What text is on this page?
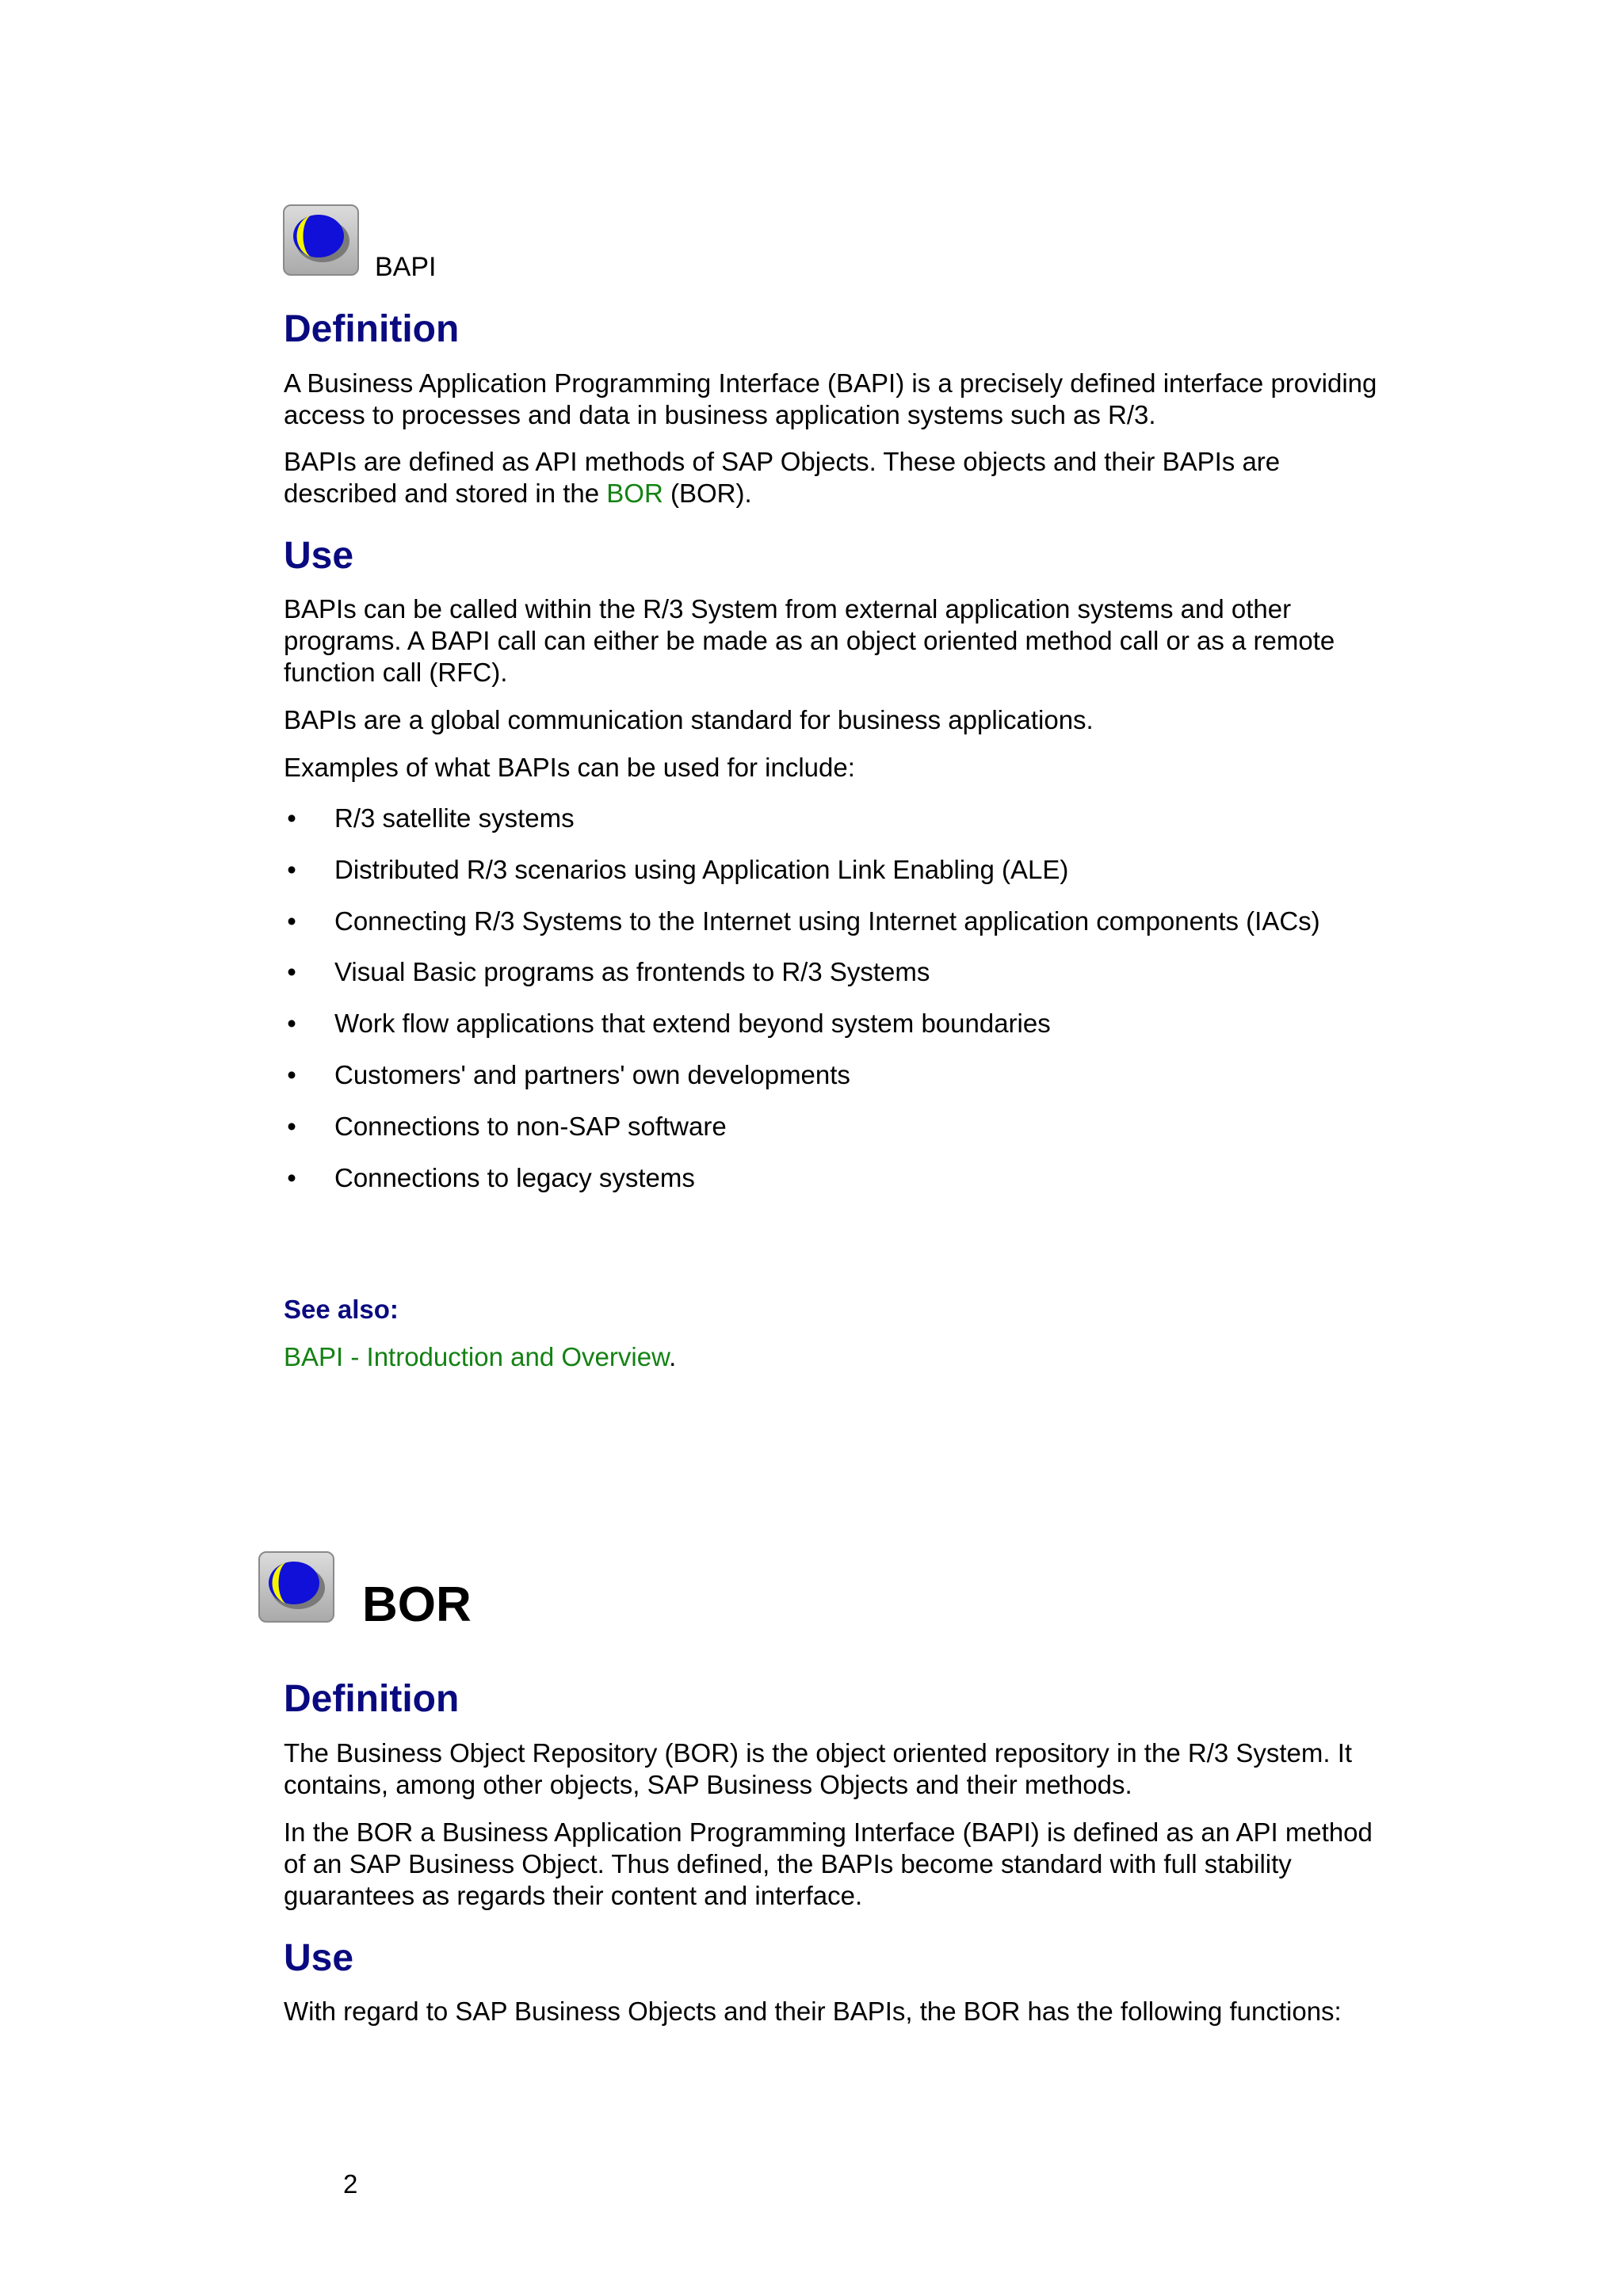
BAPI
Definition

A Business Application Programming Interface (BAPI) is a precisely defined interface providing access to processes and data in business application systems such as R/3.

BAPIs are defined as API methods of SAP Objects. These objects and their BAPIs are described and stored in the BOR (BOR).

Use

BAPIs can be called within the R/3 System from external application systems and other programs. A BAPI call can either be made as an object oriented method call or as a remote function call (RFC).

BAPIs are a global communication standard for business applications.

Examples of what BAPIs can be used for include:

• R/3 satellite systems
• Distributed R/3 scenarios using Application Link Enabling (ALE)
• Connecting R/3 Systems to the Internet using Internet application components (IACs)
• Visual Basic programs as frontends to R/3 Systems
• Work flow applications that extend beyond system boundaries
• Customers' and partners' own developments
• Connections to non-SAP software
• Connections to legacy systems
See also:
BAPI - Introduction and Overview.
BOR
Definition

The Business Object Repository (BOR) is the object oriented repository in the R/3 System. It contains, among other objects, SAP Business Objects and their methods.

In the BOR a Business Application Programming Interface (BAPI) is defined as an API method of an SAP Business Object. Thus defined, the BAPIs become standard with full stability guarantees as regards their content and interface.

Use

With regard to SAP Business Objects and their BAPIs, the BOR has the following functions:

2
